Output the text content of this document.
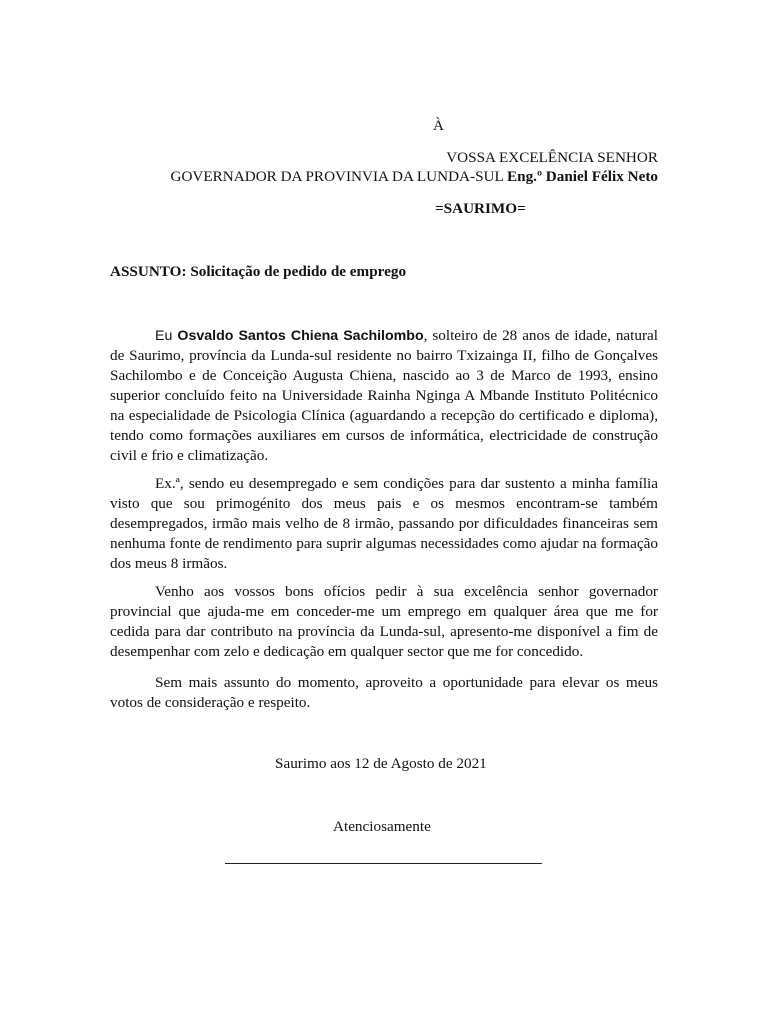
À
VOSSA EXCELÊNCIA SENHOR
GOVERNADOR DA PROVINVIA DA LUNDA-SUL Eng.º Daniel Félix Neto
=SAURIMO=
ASSUNTO: Solicitação de pedido de emprego

Eu Osvaldo Santos Chiena Sachilombo, solteiro de 28 anos de idade, natural de Saurimo, província da Lunda-sul residente no bairro Txizainga II, filho de Gonçalves Sachilombo e de Conceição Augusta Chiena, nascido ao 3 de Marco de 1993, ensino superior concluído feito na Universidade Rainha Nginga A Mbande Instituto Politécnico na especialidade de Psicologia Clínica (aguardando a recepção do certificado e diploma), tendo como formações auxiliares em cursos de informática, electricidade de construção civil e frio e climatização.

Ex.ª, sendo eu desempregado e sem condições para dar sustento a minha família visto que sou primogénito dos meus pais e os mesmos encontram-se também desempregados, irmão mais velho de 8 irmão, passando por dificuldades financeiras sem nenhuma fonte de rendimento para suprir algumas necessidades como ajudar na formação dos meus 8 irmãos.

Venho aos vossos bons ofícios pedir à sua excelência senhor governador provincial que ajuda-me em conceder-me um emprego em qualquer área que me for cedida para dar contributo na província da Lunda-sul, apresento-me disponível a fim de desempenhar com zelo e dedicação em qualquer sector que me for concedido.

Sem mais assunto do momento, aproveito a oportunidade para elevar os meus votos de consideração e respeito.

Saurimo aos 12 de Agosto de 2021
Atenciosamente
